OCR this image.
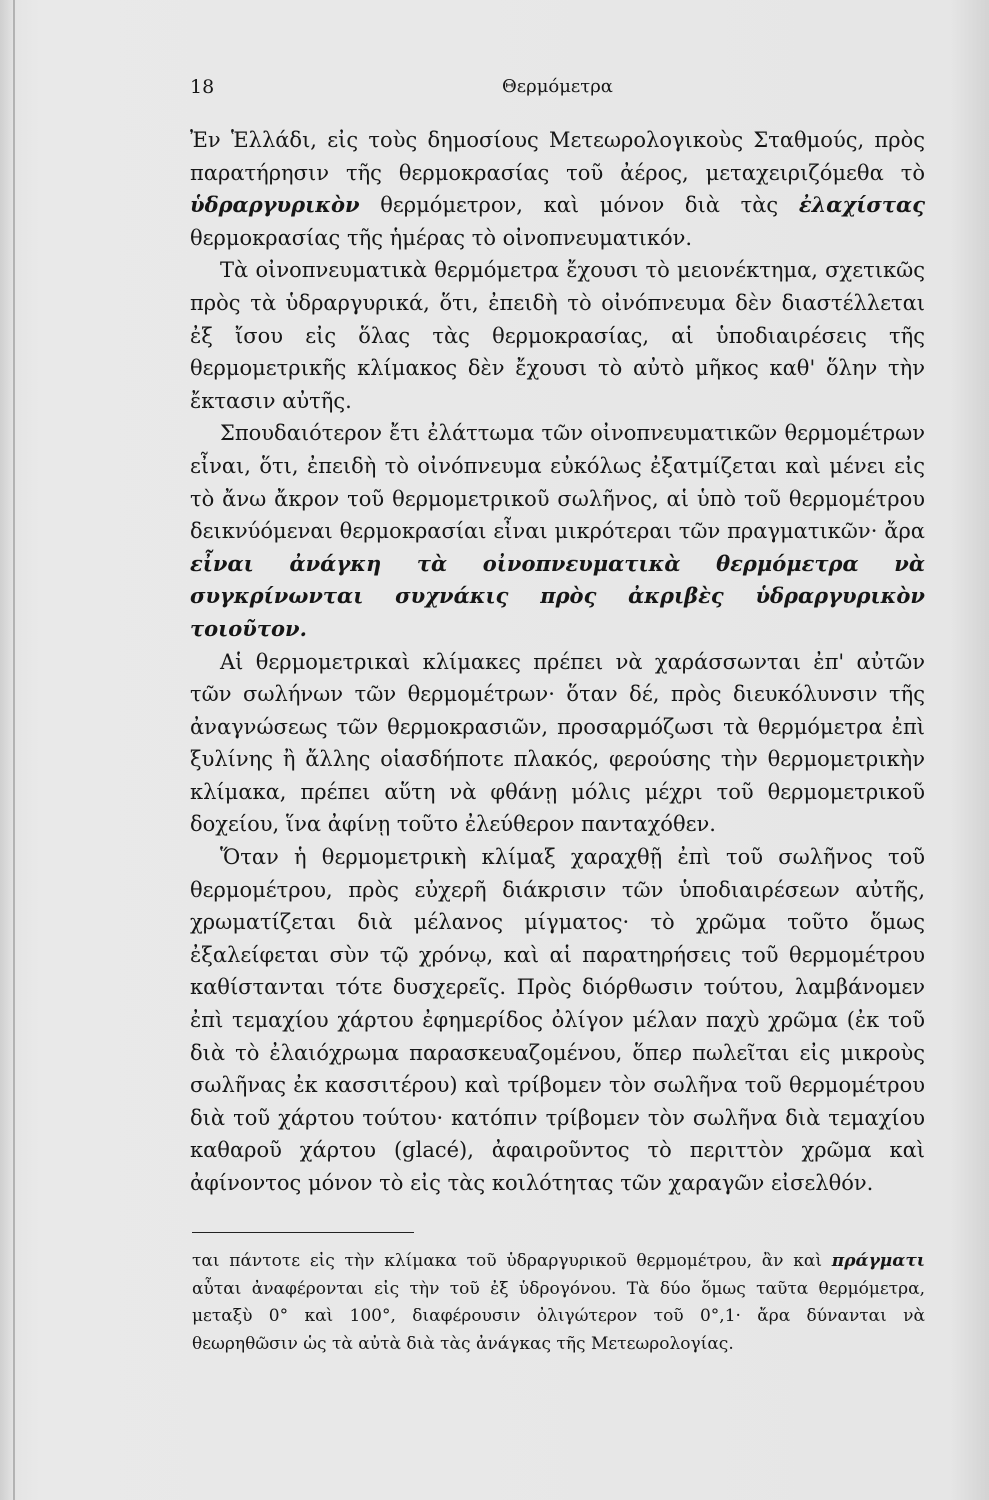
18	Θερμόμετρα

Ἐν Ἑλλάδι, εἰς τοὺς δημοσίους Μετεωρολογικοὺς Σταθμούς, πρὸς παρατήρησιν τῆς θερμοκρασίας τοῦ ἀέρος, μεταχειριζόμεθα τὸ ὑδραργυρικὸν θερμόμετρον, καὶ μόνον διὰ τὰς ἐλαχίστας θερμοκρασίας τῆς ἡμέρας τὸ οἰνοπνευματικόν.

Τὰ οἰνοπνευματικὰ θερμόμετρα ἔχουσι τὸ μειονέκτημα, σχετικῶς πρὸς τὰ ὑδραργυρικά, ὅτι, ἐπειδὴ τὸ οἰνόπνευμα δὲν διαστέλλεται ἐξ ἴσου εἰς ὅλας τὰς θερμοκρασίας, αἱ ὑποδιαιρέσεις τῆς θερμομετρικῆς κλίμακος δὲν ἔχουσι τὸ αὐτὸ μῆκος καθ' ὅλην τὴν ἔκτασιν αὐτῆς.

Σπουδαιότερον ἔτι ἐλάττωμα τῶν οἰνοπνευματικῶν θερμομέτρων εἶναι, ὅτι, ἐπειδὴ τὸ οἰνόπνευμα εὐκόλως ἐξατμίζεται καὶ μένει εἰς τὸ ἄνω ἄκρον τοῦ θερμομετρικοῦ σωλῆνος, αἱ ὑπὸ τοῦ θερμομέτρου δεικνύόμεναι θερμοκρασίαι εἶναι μικρότεραι τῶν πραγματικῶν· ἄρα εἶναι ἀνάγκη τὰ οἰνοπνευματικὰ θερμόμετρα νὰ συγκρίνωνται συχνάκις πρὸς ἀκριβὲς ὑδραργυρικὸν τοιοῦτον.

Αἱ θερμομετρικαὶ κλίμακες πρέπει νὰ χαράσσωνται ἐπ' αὐτῶν τῶν σωλήνων τῶν θερμομέτρων· ὅταν δέ, πρὸς διευκόλυνσιν τῆς ἀναγνώσεως τῶν θερμοκρασιῶν, προσαρμόζωσι τὰ θερμόμετρα ἐπὶ ξυλίνης ἢ ἄλλης οἱασδήποτε πλακός, φερούσης τὴν θερμομετρικὴν κλίμακα, πρέπει αὕτη νὰ φθάνῃ μόλις μέχρι τοῦ θερμομετρικοῦ δοχείου, ἵνα ἀφίνῃ τοῦτο ἐλεύθερον πανταχόθεν.

Ὅταν ἡ θερμομετρικὴ κλίμαξ χαραχθῇ ἐπὶ τοῦ σωλῆνος τοῦ θερμομέτρου, πρὸς εὐχερῆ διάκρισιν τῶν ὑποδιαιρέσεων αὐτῆς, χρωματίζεται διὰ μέλανος μίγματος· τὸ χρῶμα τοῦτο ὅμως ἐξαλείφεται σὺν τῷ χρόνῳ, καὶ αἱ παρατηρήσεις τοῦ θερμομέτρου καθίστανται τότε δυσχερεῖς. Πρὸς διόρθωσιν τούτου, λαμβάνομεν ἐπὶ τεμαχίου χάρτου ἐφημερίδος ὀλίγον μέλαν παχὺ χρῶμα (ἐκ τοῦ διὰ τὸ ἐλαιόχρωμα παρασκευαζομένου, ὅπερ πωλεῖται εἰς μικροὺς σωλῆνας ἐκ κασσιτέρου) καὶ τρίβομεν τὸν σωλῆνα τοῦ θερμομέτρου διὰ τοῦ χάρτου τούτου· κατόπιν τρίβομεν τὸν σωλῆνα διὰ τεμαχίου καθαροῦ χάρτου (glacé), ἀφαιροῦντος τὸ περιττὸν χρῶμα καὶ ἀφίνοντος μόνον τὸ εἰς τὰς κοιλότητας τῶν χαραγῶν εἰσελθόν.

ται πάντοτε εἰς τὴν κλίμακα τοῦ ὑδραργυρικοῦ θερμομέτρου, ἂν καὶ πράγματι αὗται ἀναφέρονται εἰς τὴν τοῦ ἐξ ὑδρογόνου. Τὰ δύο ὅμως ταῦτα θερμόμετρα, μεταξὺ 0° καὶ 100°, διαφέρουσιν ὀλιγώτερον τοῦ 0°,1· ἄρα δύνανται νὰ θεωρηθῶσιν ὡς τὰ αὐτὰ διὰ τὰς ἀνάγκας τῆς Μετεωρολογίας.
